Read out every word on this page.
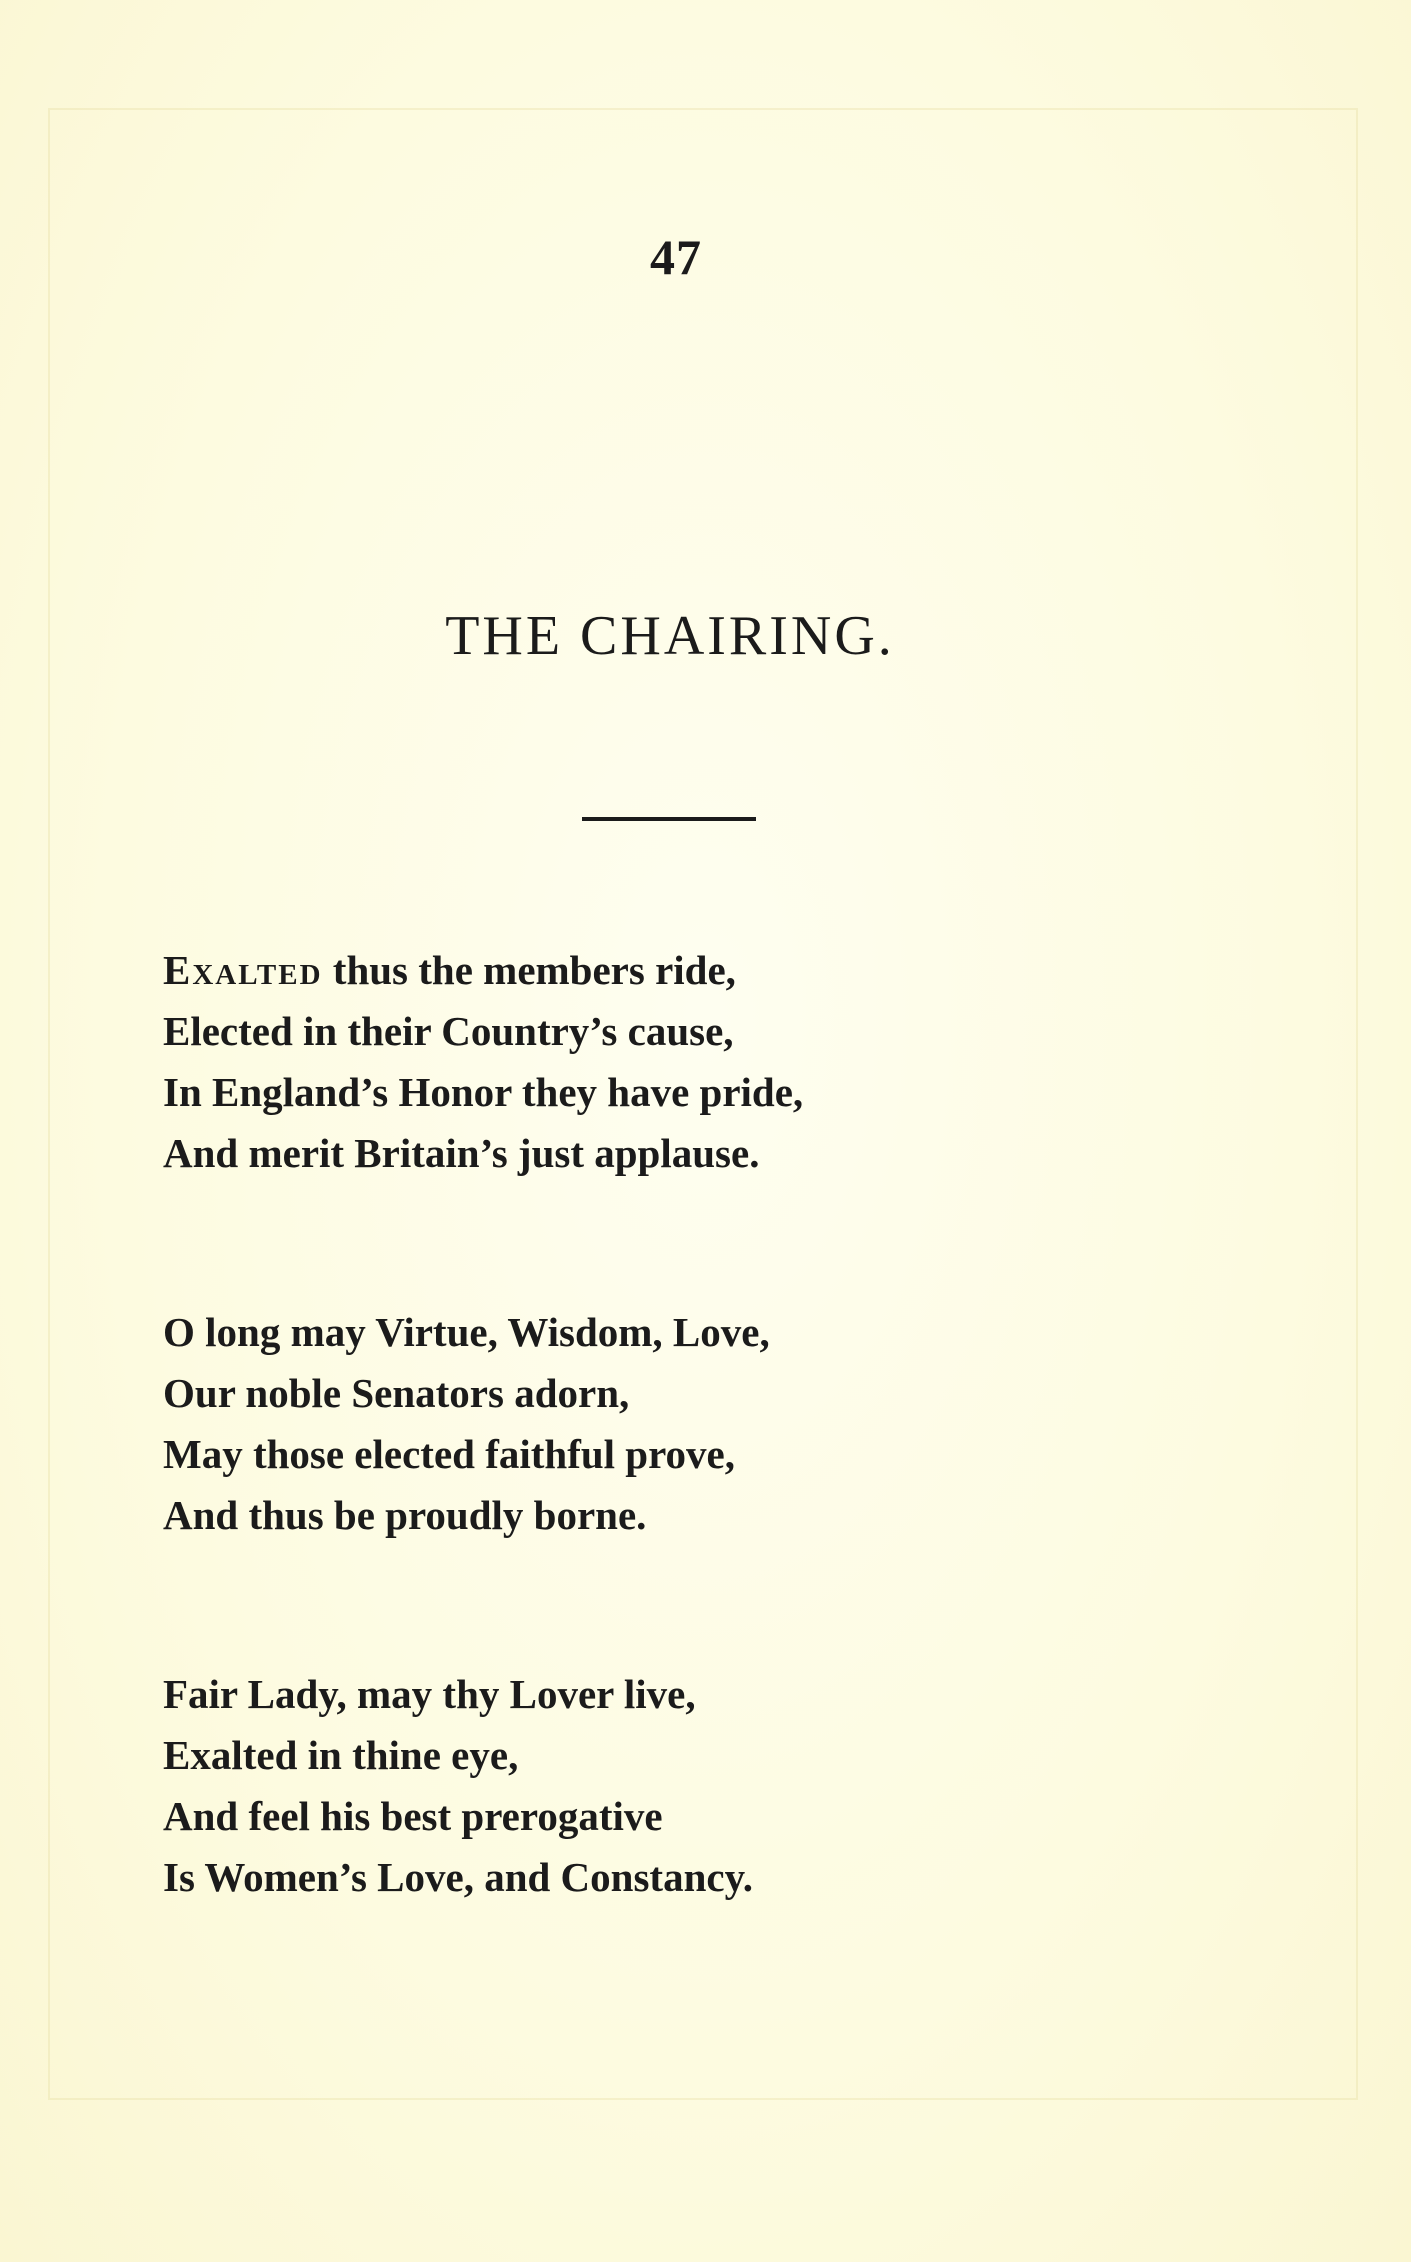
47
THE CHAIRING.
Exalted thus the members ride,
Elected in their Country’s cause,
In England’s Honor they have pride,
And merit Britain’s just applause.
O long may Virtue, Wisdom, Love,
Our noble Senators adorn,
May those elected faithful prove,
And thus be proudly borne.
Fair Lady, may thy Lover live,
Exalted in thine eye,
And feel his best prerogative
Is Women’s Love, and Constancy.
